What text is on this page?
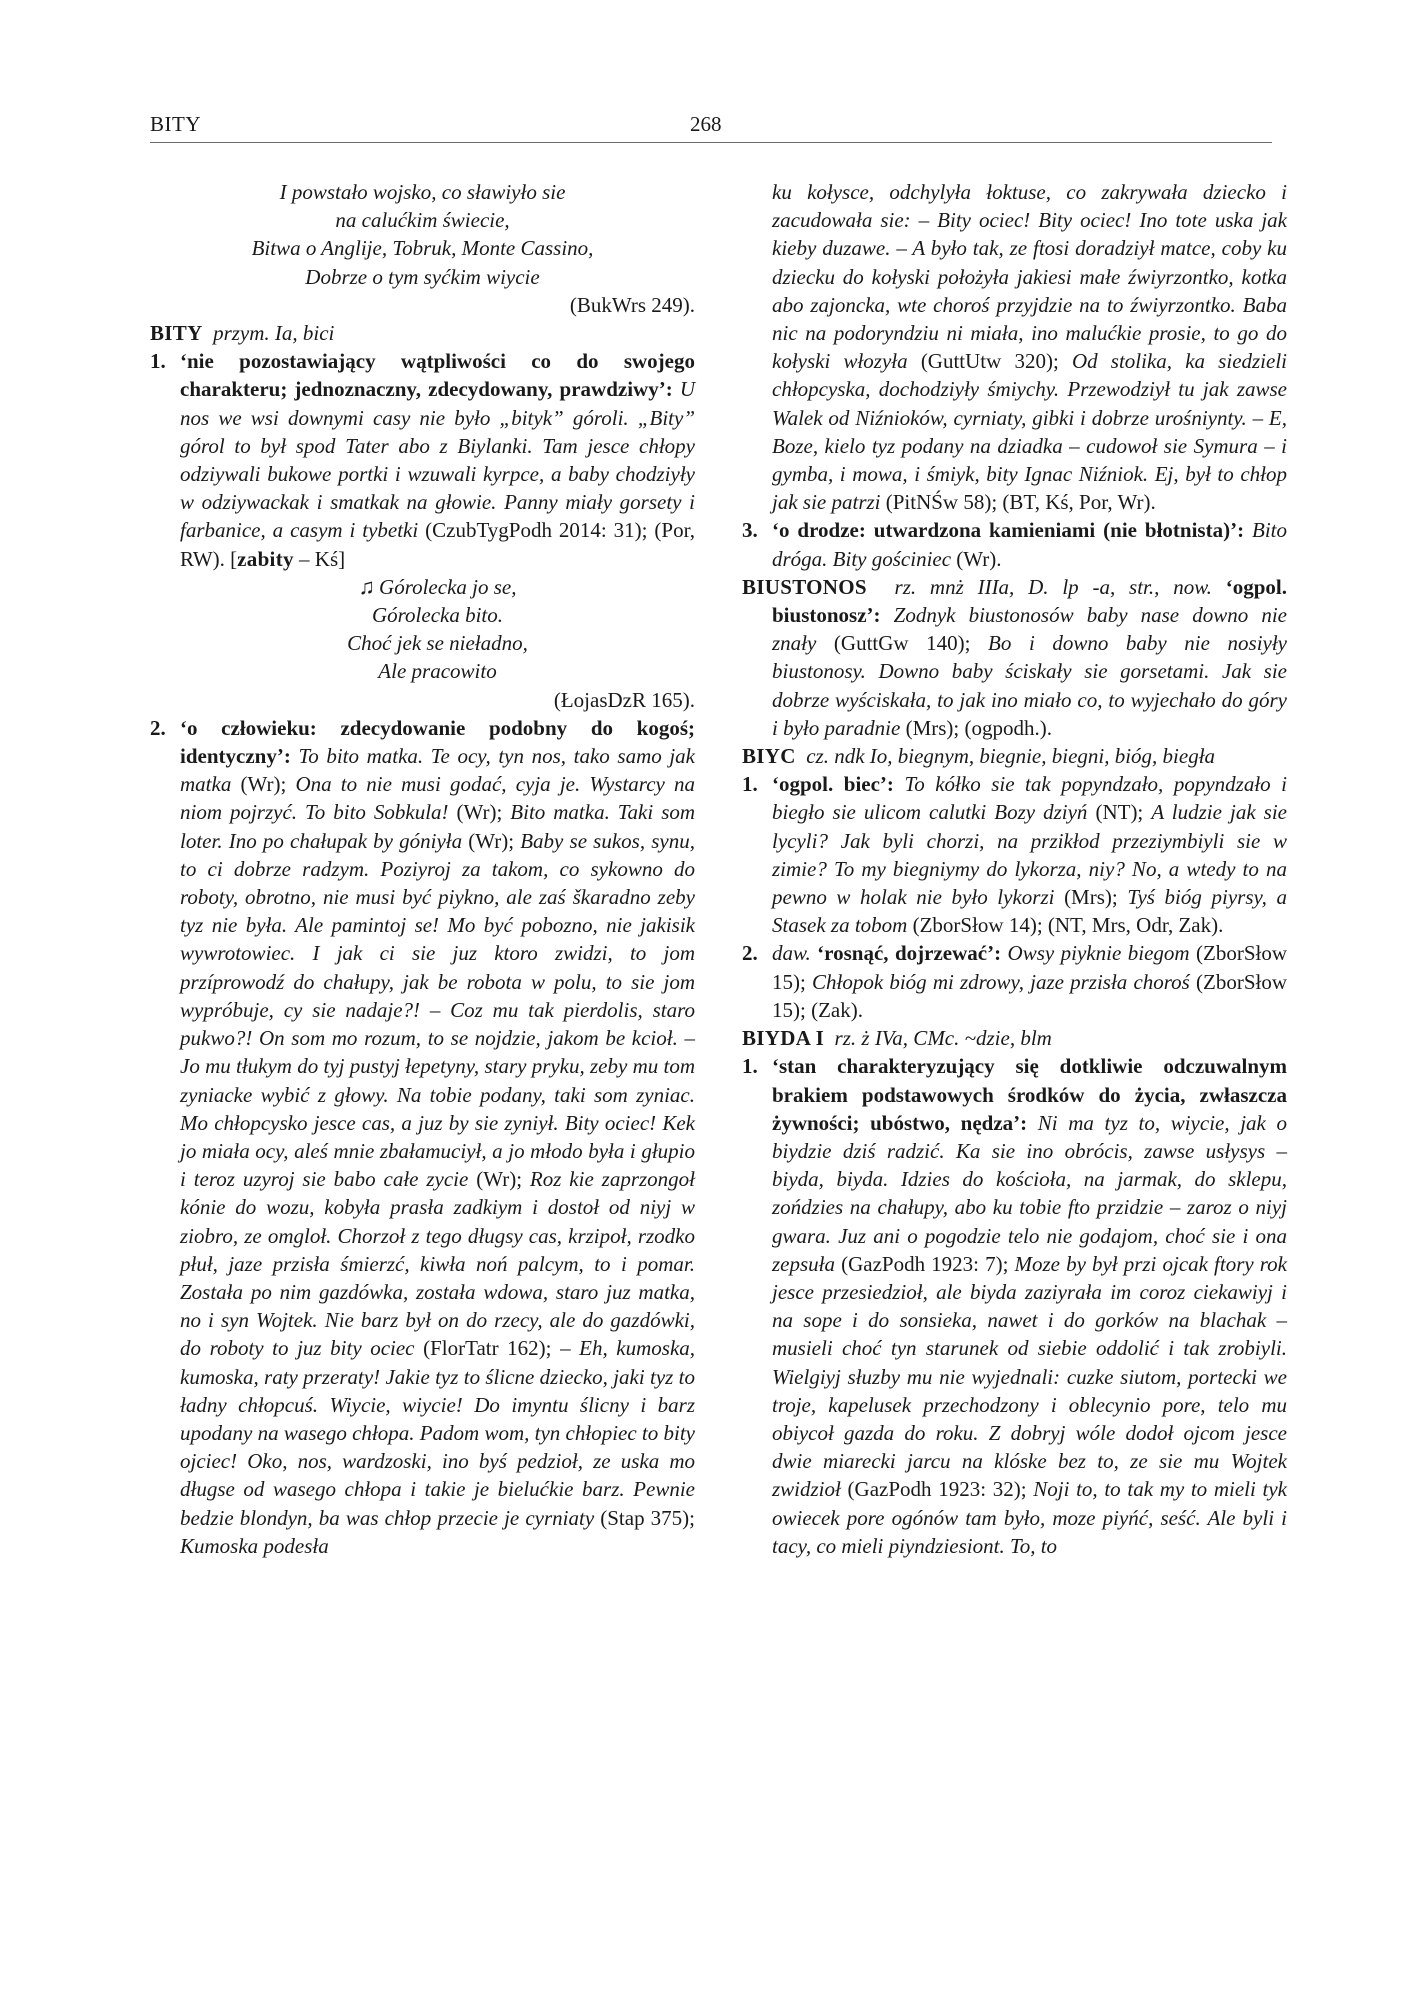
BITY	268
I powstało wojsko, co sławiyło sie
na calućkim świecie,
Bitwa o Anglije, Tobruk, Monte Cassino,
Dobrze o tym syćkim wiycie
(BukWrs 249).

BITY przym. Ia, bici

1. ‘nie pozostawiający wątpliwości co do swojego charakteru; jednoznaczny, zdecydowany, prawdziwy’: U nos we wsi downymi casy nie było „bityk” góroli. „Bity” górol to był spod Tater abo z Biylanki. Tam jesce chłopy odziywali bukowe portki i wzuwali kyrpce, a baby chodziyły w odziywackak i smatkak na głowie. Panny miały gorsety i farbanice, a casym i tybetki (CzubTygPodh 2014: 31); (Por, RW). [zabity – Kś]

♫ Górolecka jo se,
Górolecka bito.
Choć jek se nieładno,
Ale pracowito
(ŁojasDzR 165).

2. ‘o człowieku: zdecydowanie podobny do kogoś; identyczny’: To bito matka. Te ocy, tyn nos, tako samo jak matka (Wr); Ona to nie musi godać, cyja je. Wystarcy na niom pojrzyć. To bito Sobkula! (Wr); Bito matka. Taki som loter. Ino po chałupak by góniyła (Wr); Baby se sukos, synu, to ci dobrze radzym. Poziyroj za takom, co sykowno do roboty, obrotno, nie musi być piykno, ale zaś škaradno zeby tyz nie była. Ale pamintoj se! Mo być pobozno, nie jakisik wywrotowiec. I jak ci sie juz ktoro zwidzi, to jom przíprowodź do chałupy, jak be robota w polu, to sie jom wypróbuje, cy sie nadaje?! – Coz mu tak pierdolis, staro pukwo?! On som mo rozum, to se nojdzie, jakom be kcioł. – Jo mu tłukym do tyj pustyj łepetyny, stary pryku, zeby mu tom zyniacke wybić z głowy. Na tobie podany, taki som zyniac. Mo chłopcysko jesce cas, a juz by sie zyniył. Bity ociec! Kek jo miała ocy, aleś mnie zbałamuciył, a jo młodo była i głupio i teroz uzyroj sie babo całe zycie (Wr); Roz kie zaprzongoł kónie do wozu, kobyła prasła zadkiym i dostoł od niyj w ziobro, ze omgloł. Chorzoł z tego długsy cas, krzipoł, rzodko płuł, jaze przisła śmierzć, kiwła noń palcym, to i pomar. Została po nim gazdówka, została wdowa, staro juz matka, no i syn Wojtek. Nie barz był on do rzecy, ale do gazdówki, do roboty to juz bity ociec (FlorTatr 162); – Eh, kumoska, kumoska, raty przeraty! Jakie tyz to ślicne dziecko, jaki tyz to ładny chłopcuś. Wiycie, wiycie! Do imyntu ślicny i barz upodany na wasego chłopa. Padom wom, tyn chłopiec to bity ojciec! Oko, nos, wardzoski, ino byś pedzioł, ze uska mo długse od wasego chłopa i takie je bielućkie barz. Pewnie bedzie blondyn, ba was chłop przecie je cyrniaty (Stap 375); Kumoska podesła

ku kołysce, odchylyła łoktuse, co zakrywała dziecko i zacudowała sie: – Bity ociec! Bity ociec! Ino tote uska jak kieby duzawe. – A było tak, ze ftosi doradziył matce, coby ku dziecku do kołyski położyła jakiesi małe źwiyrzontko, kotka abo zajoncka, wte choroś przyjdzie na to źwiyrzontko. Baba nic na podoryndziu ni miała, ino malućkie prosie, to go do kołyski włozyła (GuttUtw 320); Od stolika, ka siedzieli chłopcyska, dochodziyły śmiychy. Przewodziył tu jak zawse Walek od Niźnioków, cyrniaty, gibki i dobrze urośniynty. – E, Boze, kielo tyz podany na dziadka – cudowoł sie Symura – i gymba, i mowa, i śmiyk, bity Ignac Niźniok. Ej, był to chłop jak sie patrzi (PitNŚw 58); (BT, Kś, Por, Wr).

3. ‘o drodze: utwardzona kamieniami (nie błotnista)’: Bito dróga. Bity gościniec (Wr).

BIUSTONOS rz. mnż IIIa, D. lp -a, str., now. ‘ogpol. biustonosz’: Zodnyk biustonosów baby nase downo nie znały (GuttGw 140); Bo i downo baby nie nosiyły biustonosy. Downo baby ściskały sie gorsetami. Jak sie dobrze wyściskała, to jak ino miało co, to wyjechało do góry i było paradnie (Mrs); (ogpodh.).

BIYC cz. ndk Io, biegnym, biegnie, biegni, bióg, biegła

1. ‘ogpol. biec’: To kółko sie tak popyndzało, popyndzało i biegło sie ulicom calutki Bozy dziyń (NT); A ludzie jak sie lycyli? Jak byli chorzi, na przikłod przeziymbiyli sie w zimie? To my biegniymy do lykorza, niy? No, a wtedy to na pewno w holak nie było lykorzi (Mrs); Tyś bióg piyrsy, a Stasek za tobom (ZborSłow 14); (NT, Mrs, Odr, Zak).

2. daw. ‘rosnąć, dojrzewać’: Owsy piyknie biegom (ZborSłow 15); Chłopok bióg mi zdrowy, jaze przisła choroś (ZborSłow 15); (Zak).

BIYDA I rz. ż IVa, CMc. ~dzie, blm

1. ‘stan charakteryzujący się dotkliwie odczuwalnym brakiem podstawowych środków do życia, zwłaszcza żywności; ubóstwo, nędza’: Ni ma tyz to, wiycie, jak o biydzie dziś radzić. Ka sie ino obrócis, zawse usłysys – biyda, biyda. Idzies do kościoła, na jarmak, do sklepu, zońdzies na chałupy, abo ku tobie fto przidzie – zaroz o niyj gwara. Juz ani o pogodzie telo nie godajom, choć sie i ona zepsuła (GazPodh 1923: 7); Moze by był przi ojcak ftory rok jesce przesiedzioł, ale biyda zaziyrała im coroz ciekawiyj i na sope i do sonsieka, nawet i do gorków na blachak – musieli choć tyn starunek od siebie oddolić i tak zrobiyli. Wielgiyj słuzby mu nie wyjednali: cuzke siutom, portecki we troje, kapelusek przechodzony i oblecynio pore, telo mu obiycoł gazda do roku. Z dobryj wóle dodoł ojcom jesce dwie miarecki jarcu na klóske bez to, ze sie mu Wojtek zwidzioł (GazPodh 1923: 32); Noji to, to tak my to mieli tyk owiecek pore ogónów tam było, moze piyńć, seść. Ale byli i tacy, co mieli piyndziesiont. To, to
